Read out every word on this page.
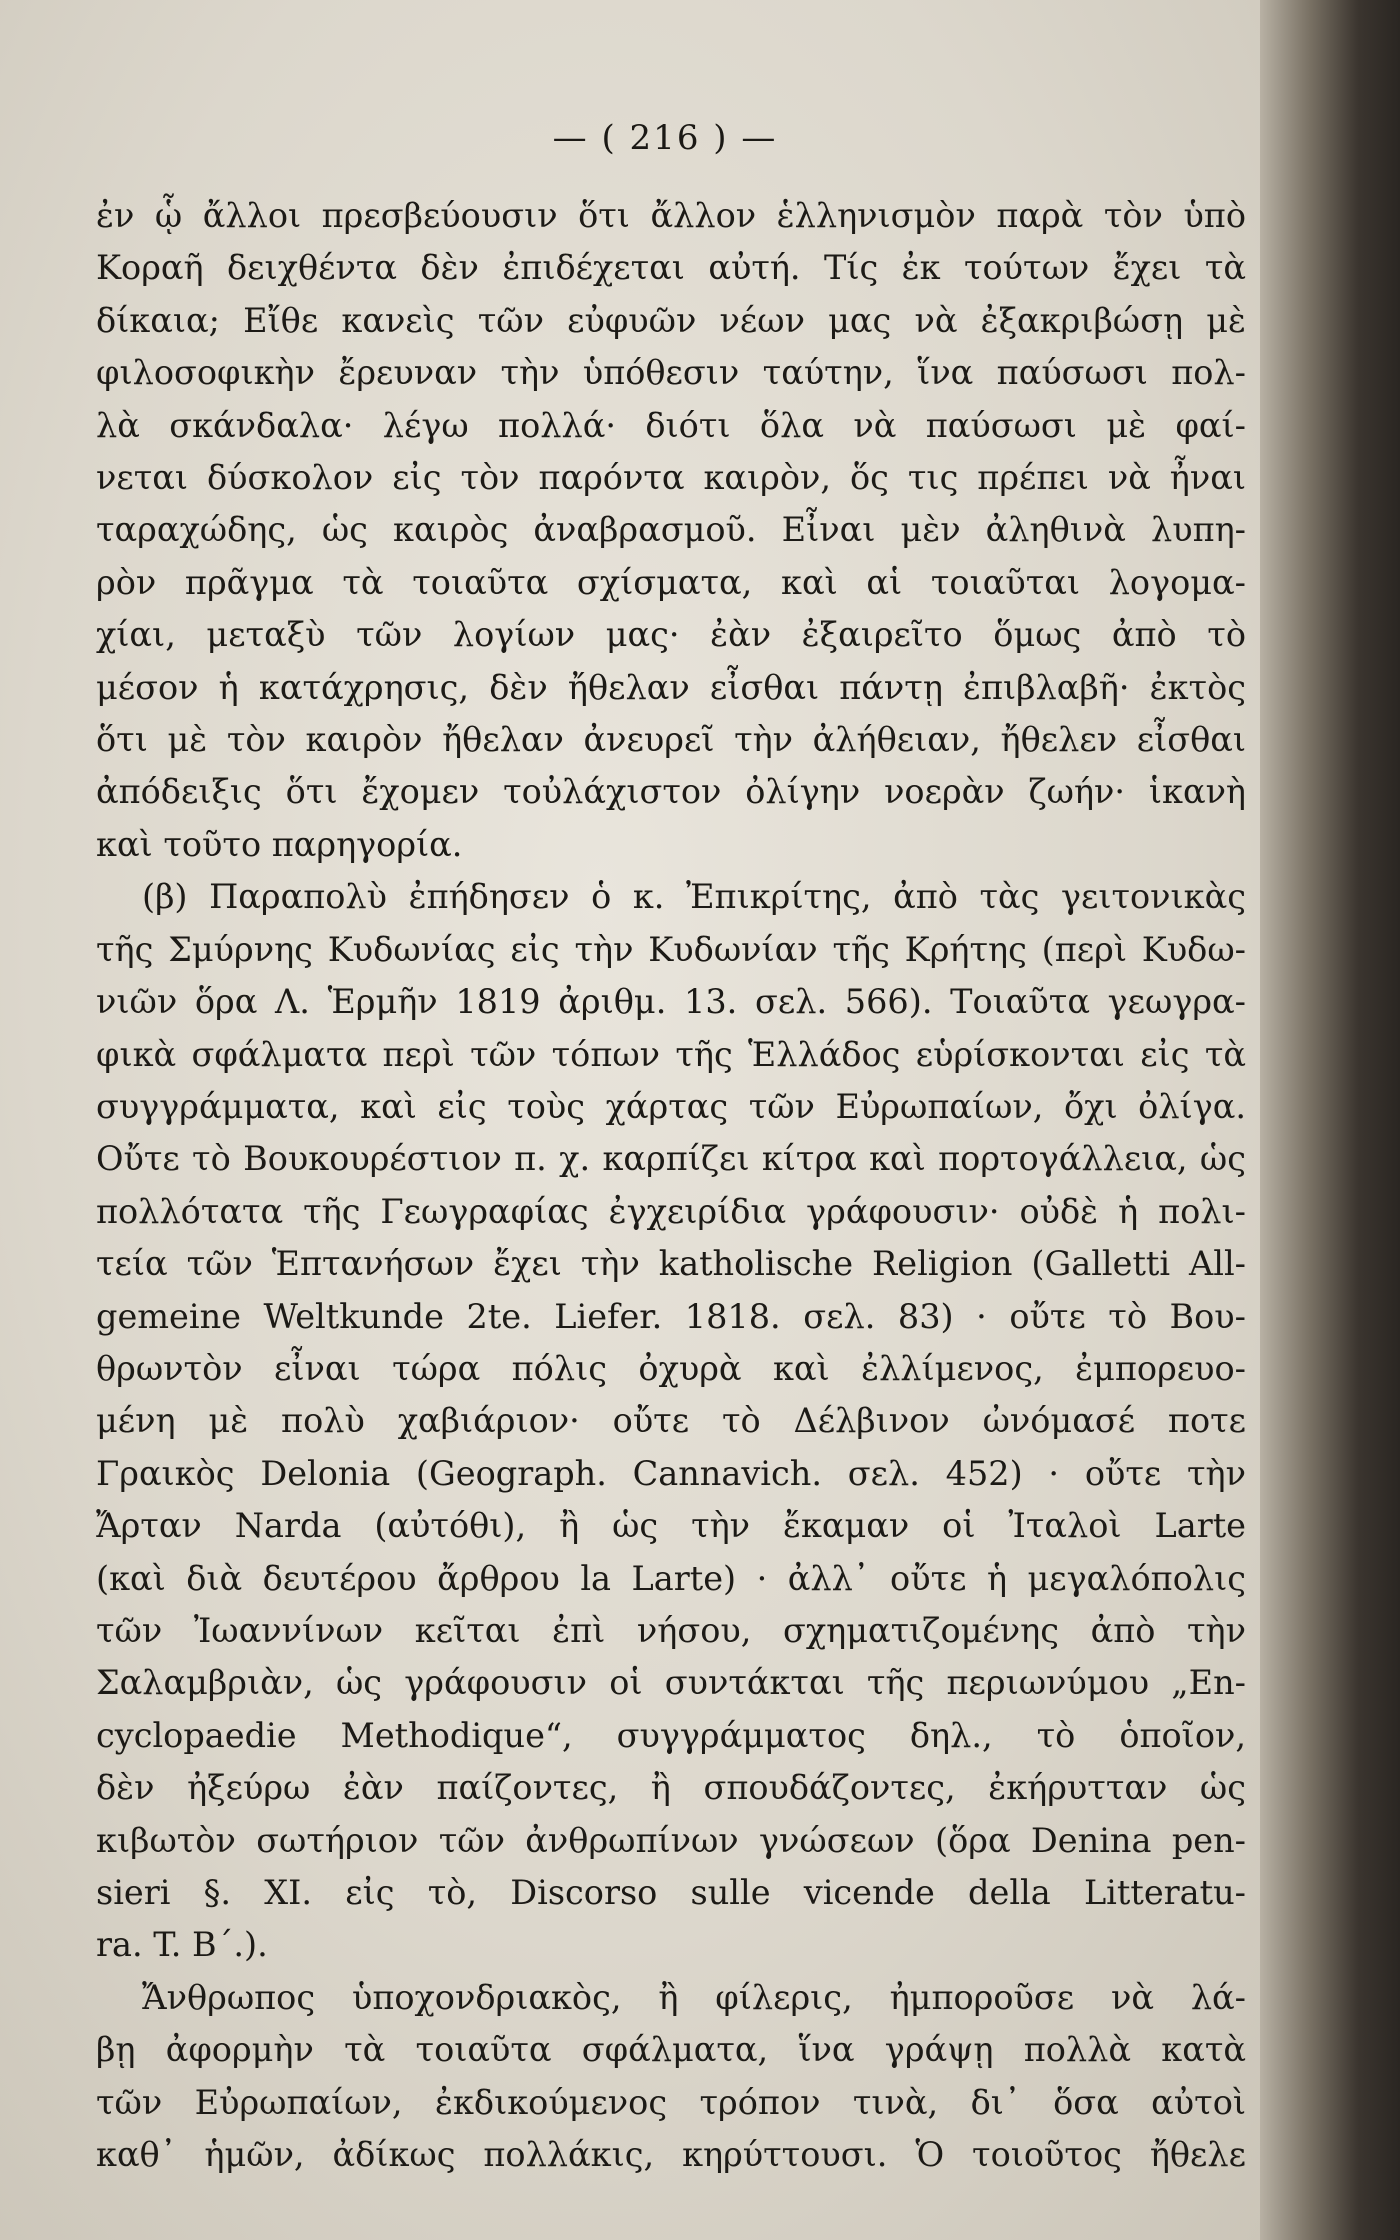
— ( 216 ) —
ἐν ᾧ ἄλλοι πρεσβεύουσιν ὅτι ἄλλον ἑλληνισμὸν παρὰ τὸν ὑπὸ
Κοραῆ δειχθέντα δὲν ἐπιδέχεται αὐτή. Τίς ἐκ τούτων ἔχει τὰ
δίκαια; Εἴθε κανεὶς τῶν εὐφυῶν νέων μας νὰ ἐξακριβώσῃ μὲ
φιλοσοφικὴν ἔρευναν τὴν ὑπόθεσιν ταύτην, ἵνα παύσωσι πολ-
λὰ σκάνδαλα· λέγω πολλά· διότι ὅλα νὰ παύσωσι μὲ φαί-
νεται δύσκολον εἰς τὸν παρόντα καιρὸν, ὅς τις πρέπει νὰ ἦναι
ταραχώδης, ὡς καιρὸς ἀναβρασμοῦ. Εἶναι μὲν ἀληθινὰ λυπη-
ρὸν πρᾶγμα τὰ τοιαῦτα σχίσματα, καὶ αἱ τοιαῦται λογομα-
χίαι, μεταξὺ τῶν λογίων μας· ἐὰν ἐξαιρεῖτο ὅμως ἀπὸ τὸ
μέσον ἡ κατάχρησις, δὲν ἤθελαν εἶσθαι πάντῃ ἐπιβλαβῆ· ἐκτὸς
ὅτι μὲ τὸν καιρὸν ἤθελαν ἀνευρεῖ τὴν ἀλήθειαν, ἤθελεν εἶσθαι
ἀπόδειξις ὅτι ἔχομεν τοὐλάχιστον ὀλίγην νοερὰν ζωήν· ἱκανὴ
καὶ τοῦτο παρηγορία.
(β) Παραπολὺ ἐπήδησεν ὁ κ. Ἐπικρίτης, ἀπὸ τὰς γειτονικὰς
τῆς Σμύρνης Κυδωνίας εἰς τὴν Κυδωνίαν τῆς Κρήτης (περὶ Κυδω-
νιῶν ὅρα Λ. Ἑρμῆν 1819 ἀριθμ. 13. σελ. 566). Τοιαῦτα γεωγρα-
φικὰ σφάλματα περὶ τῶν τόπων τῆς Ἑλλάδος εὑρίσκονται εἰς τὰ
συγγράμματα, καὶ εἰς τοὺς χάρτας τῶν Εὐρωπαίων, ὄχι ὀλίγα.
Οὔτε τὸ Βουκουρέστιον π. χ. καρπίζει κίτρα καὶ πορτογάλλεια, ὡς
πολλότατα τῆς Γεωγραφίας ἐγχειρίδια γράφουσιν· οὐδὲ ἡ πολι-
τεία τῶν Ἑπτανήσων ἔχει τὴν katholische Religion (Galletti All-
gemeine Weltkunde 2te. Liefer. 1818. σελ. 83) · οὔτε τὸ Βου-
θρωντὸν εἶναι τώρα πόλις ὀχυρὰ καὶ ἐλλίμενος, ἐμπορευο-
μένη μὲ πολὺ χαβιάριον· οὔτε τὸ Δέλβινον ὠνόμασέ ποτε
Γραικὸς Delonia (Geograph. Cannavich. σελ. 452) · οὔτε τὴν
Ἄρταν Narda (αὐτόθι), ἢ ὡς τὴν ἔκαμαν οἱ Ἰταλοὶ Larte
(καὶ διὰ δευτέρου ἄρθρου la Larte) · ἀλλ᾽ οὔτε ἡ μεγαλόπολις
τῶν Ἰωαννίνων κεῖται ἐπὶ νήσου, σχηματιζομένης ἀπὸ τὴν
Σαλαμβριὰν, ὡς γράφουσιν οἱ συντάκται τῆς περιωνύμου „En-
cyclopaedie Methodique“, συγγράμματος δηλ., τὸ ὁποῖον,
δὲν ἠξεύρω ἐὰν παίζοντες, ἢ σπουδάζοντες, ἐκήρυτταν ὡς
κιβωτὸν σωτήριον τῶν ἀνθρωπίνων γνώσεων (ὅρα Denina pen-
sieri §. XI. εἰς τὸ, Discorso sulle vicende della Litteratu-
ra. T. B΄.).
Ἄνθρωπος ὑποχονδριακὸς, ἢ φίλερις, ἠμποροῦσε νὰ λά-
βῃ ἀφορμὴν τὰ τοιαῦτα σφάλματα, ἵνα γράψῃ πολλὰ κατὰ
τῶν Εὐρωπαίων, ἐκδικούμενος τρόπον τινὰ, δι᾽ ὅσα αὐτοὶ
καθ᾽ ἡμῶν, ἀδίκως πολλάκις, κηρύττουσι. Ὁ τοιοῦτος ἤθελε
